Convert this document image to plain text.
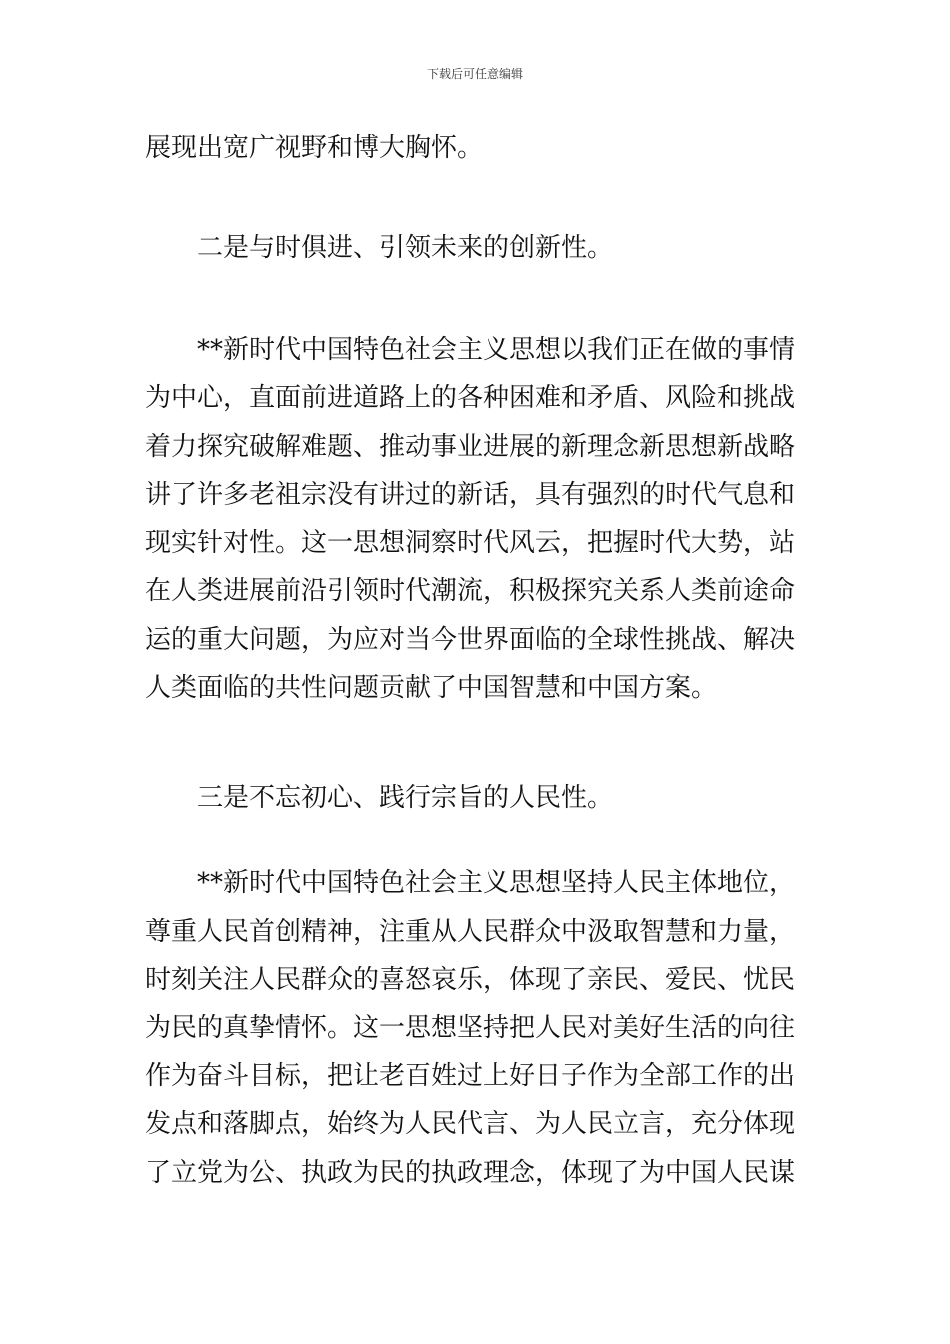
下载后可任意编辑
展现出宽广视野和博大胸怀。
二是与时俱进、引领未来的创新性。
**新时代中国特色社会主义思想以我们正在做的事情
为中心，直面前进道路上的各种困难和矛盾、风险和挑战
着力探究破解难题、推动事业进展的新理念新思想新战略
讲了许多老祖宗没有讲过的新话，具有强烈的时代气息和
现实针对性。这一思想洞察时代风云，把握时代大势，站
在人类进展前沿引领时代潮流，积极探究关系人类前途命
运的重大问题，为应对当今世界面临的全球性挑战、解决
人类面临的共性问题贡献了中国智慧和中国方案。
三是不忘初心、践行宗旨的人民性。
**新时代中国特色社会主义思想坚持人民主体地位，
尊重人民首创精神，注重从人民群众中汲取智慧和力量，
时刻关注人民群众的喜怒哀乐，体现了亲民、爱民、忧民
为民的真挚情怀。这一思想坚持把人民对美好生活的向往
作为奋斗目标，把让老百姓过上好日子作为全部工作的出
发点和落脚点，始终为人民代言、为人民立言，充分体现
了立党为公、执政为民的执政理念，体现了为中国人民谋
